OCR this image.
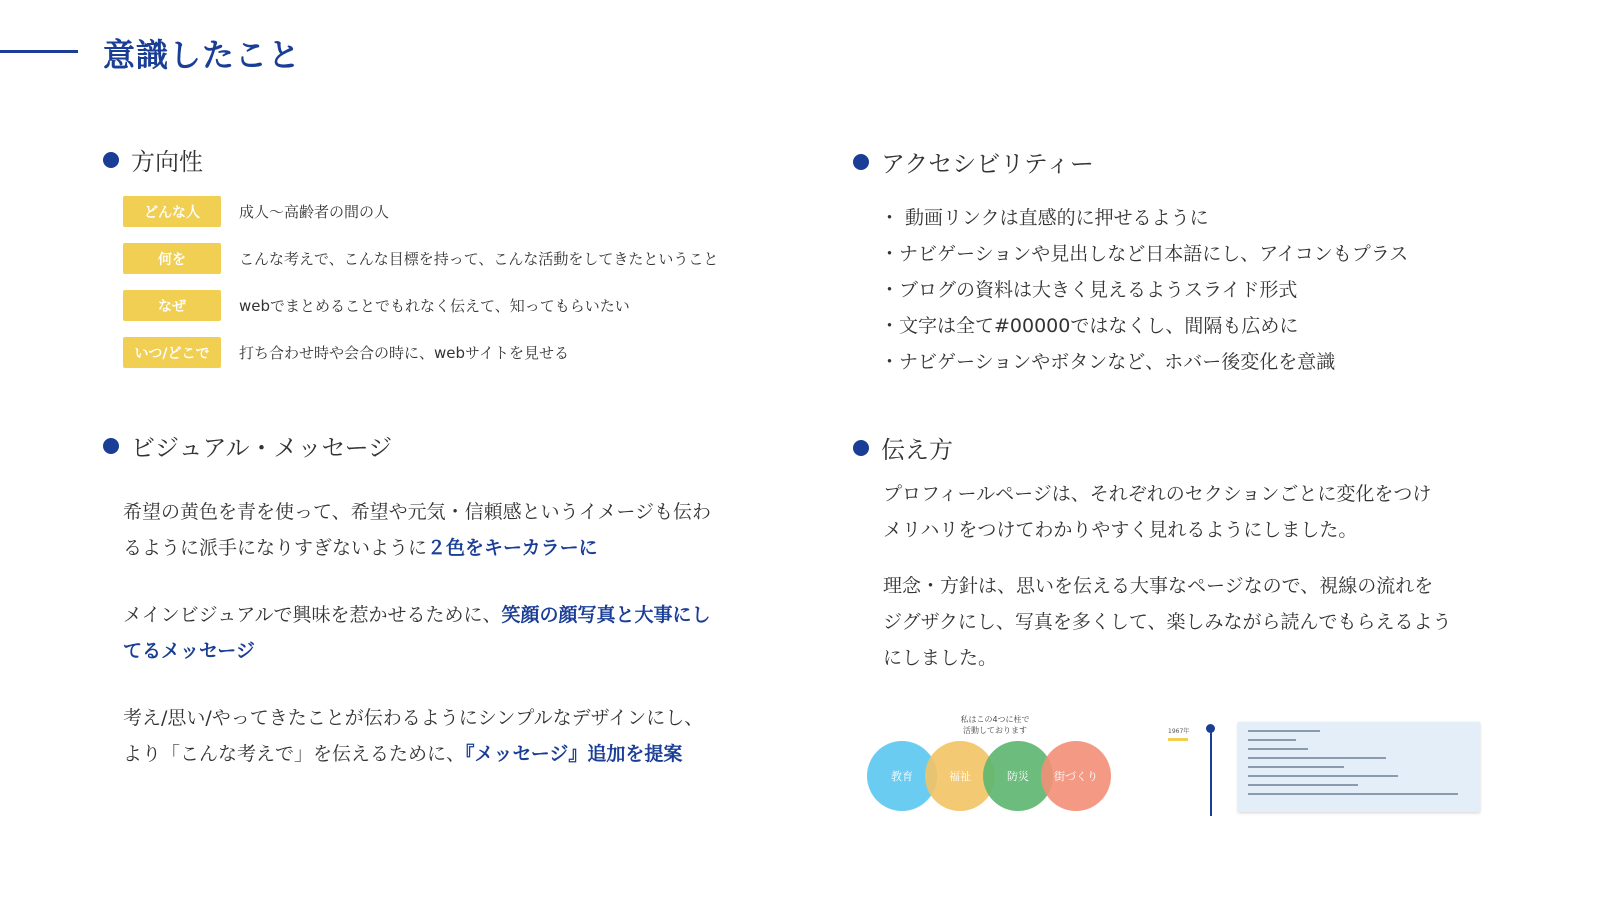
意識したこと
方向性
どんな人	成人〜高齢者の間の人
何を	こんな考えで、こんな目標を持って、こんな活動をしてきたということ
なぜ	webでまとめることでもれなく伝えて、知ってもらいたい
いつ/どこで	打ち合わせ時や会合の時に、webサイトを見せる
アクセシビリティー
・ 動画リンクは直感的に押せるように
・ナビゲーションや見出しなど日本語にし、アイコンもプラス
・ブログの資料は大きく見えるようスライド形式
・文字は全て#00000ではなくし、間隔も広めに
・ナビゲーションやボタンなど、ホバー後変化を意識
ビジュアル・メッセージ

希望の黄色を青を使って、希望や元気・信頼感というイメージも伝わ
るように派手になりすぎないように２色をキーカラーに

メインビジュアルで興味を惹かせるために、笑顔の顔写真と大事にし
てるメッセージ

考え/思い/やってきたことが伝わるようにシンプルなデザインにし、
より「こんな考えで」を伝えるために、『メッセージ』追加を提案

伝え方

プロフィールページは、それぞれのセクションごとに変化をつけ
メリハリをつけてわかりやすく見れるようにしました。

理念・方針は、思いを伝える大事なページなので、視線の流れを
ジグザクにし、写真を多くして、楽しみながら読んでもらえるよう
にしました。

私はこの4つに柱で
活動しております
教育	福祉	防災 街づくり
1967年
